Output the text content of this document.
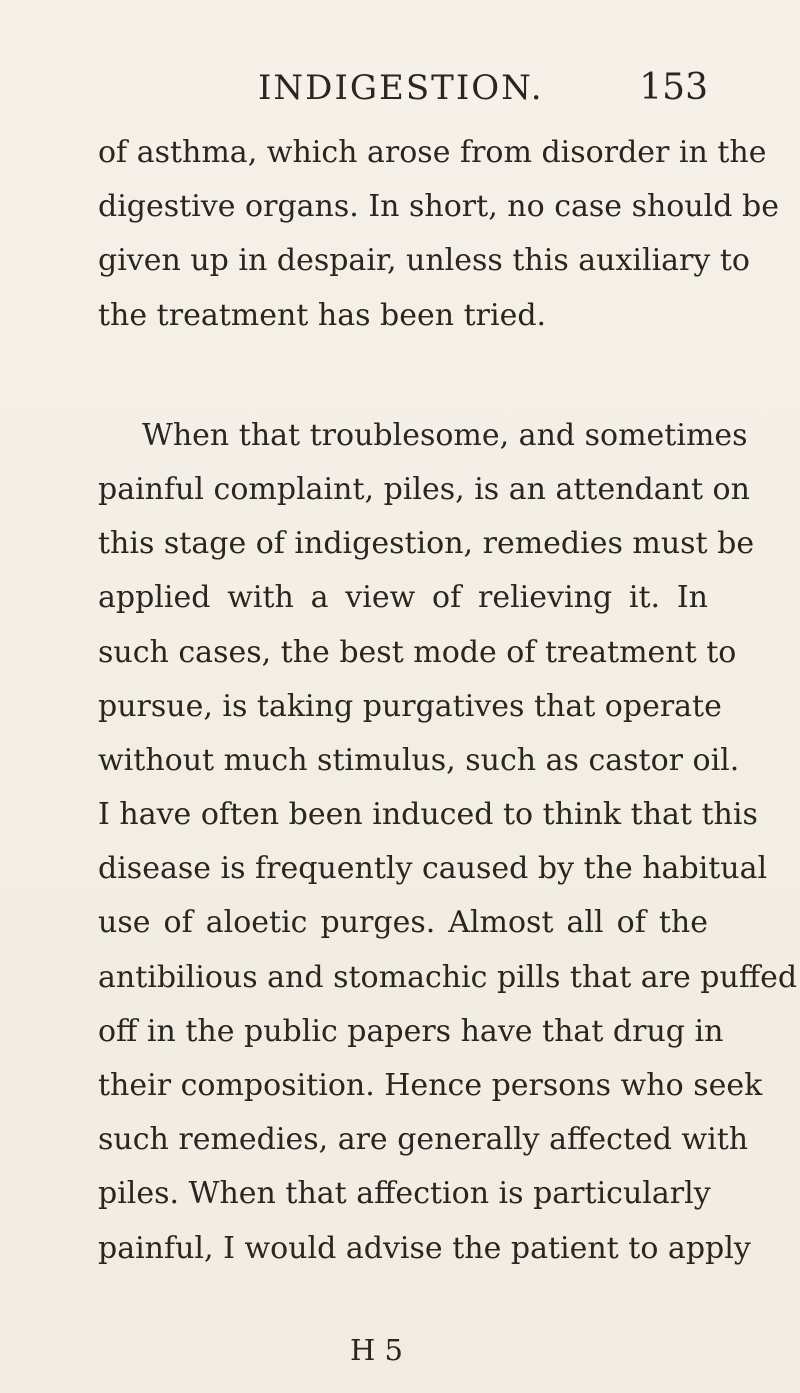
INDIGESTION.	153
of asthma, which arose from disorder in the
digestive organs. In short, no case should be
given up in despair, unless this auxiliary to
the treatment has been tried.
When that troublesome, and sometimes
painful complaint, piles, is an attendant on
this stage of indigestion, remedies must be
applied with a view of relieving it. In
such cases, the best mode of treatment to
pursue, is taking purgatives that operate
without much stimulus, such as castor oil.
I have often been induced to think that this
disease is frequently caused by the habitual
use of aloetic purges. Almost all of the
antibilious and stomachic pills that are puffed
off in the public papers have that drug in
their composition. Hence persons who seek
such remedies, are generally affected with
piles. When that affection is particularly
painful, I would advise the patient to apply
H 5
